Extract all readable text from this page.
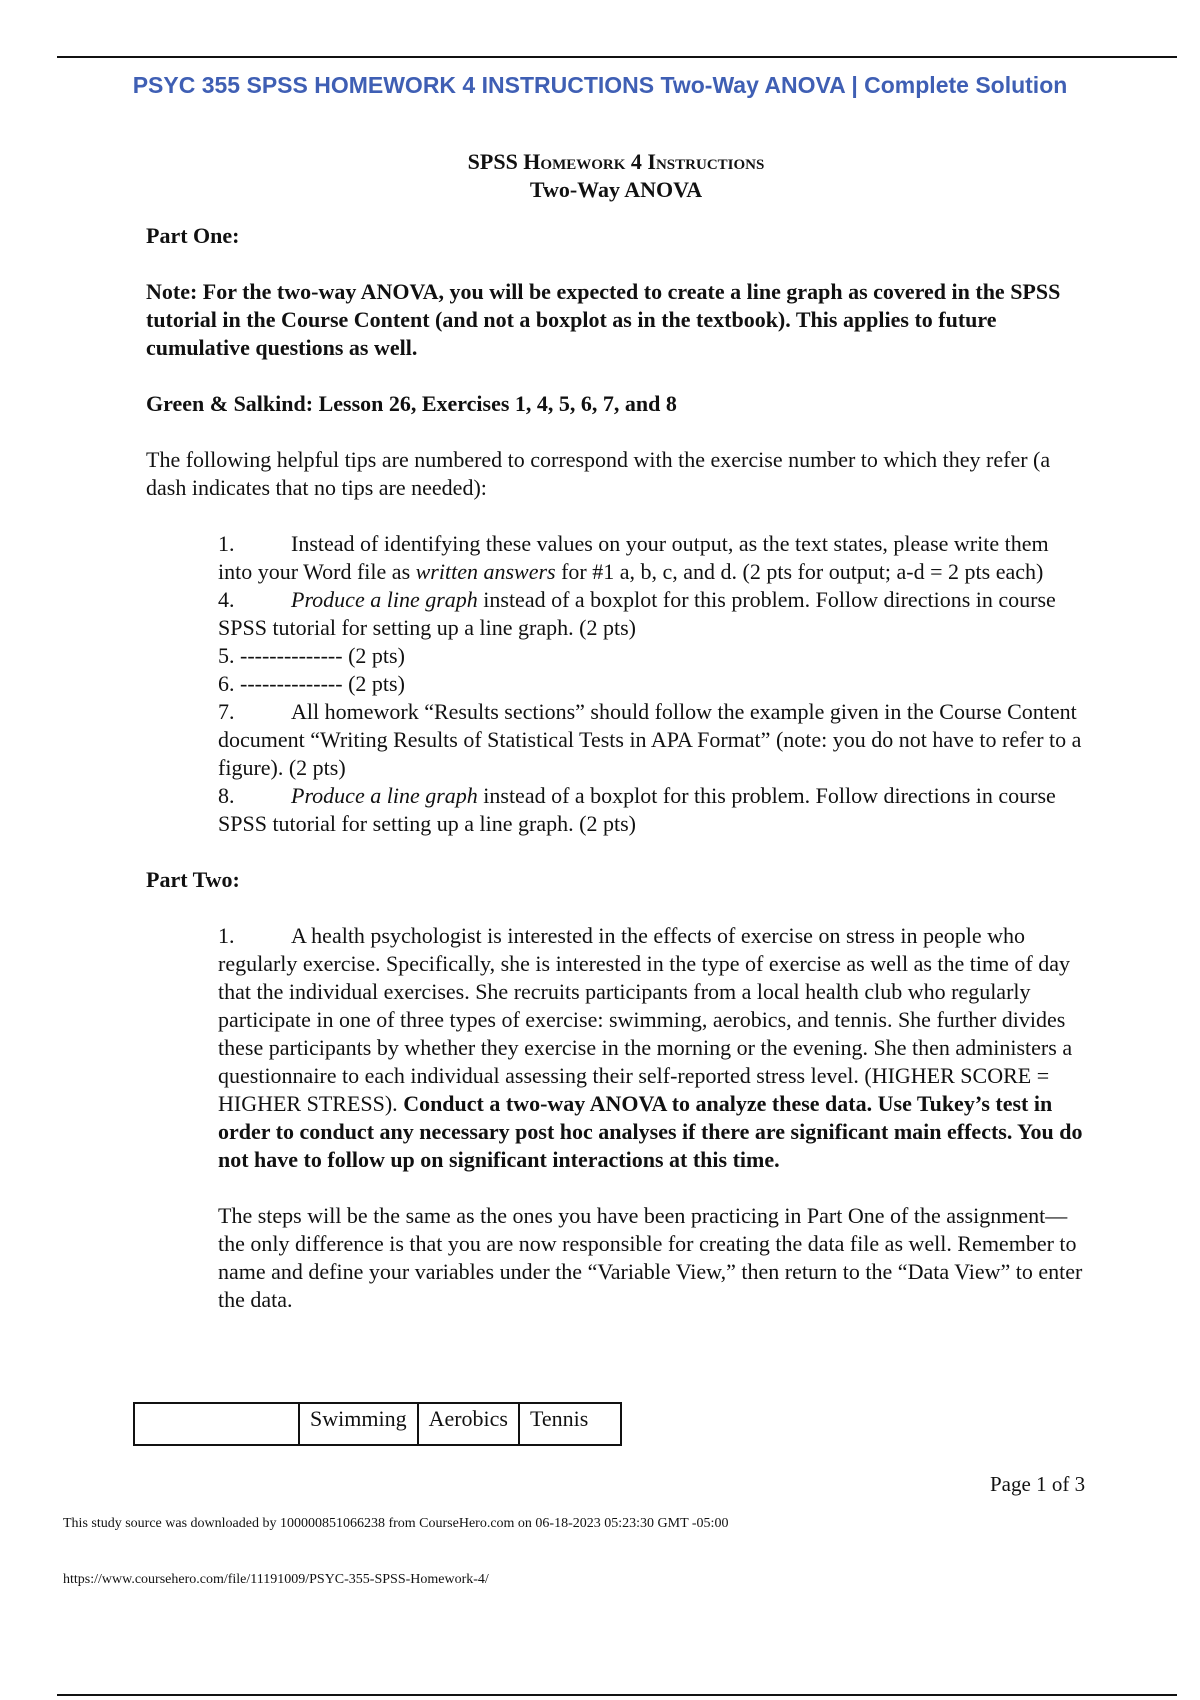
PSYC 355 SPSS HOMEWORK 4 INSTRUCTIONS Two-Way ANOVA | Complete Solution
SPSS Homework 4 Instructions
Two-Way ANOVA
Part One:
Note: For the two-way ANOVA, you will be expected to create a line graph as covered in the SPSS tutorial in the Course Content (and not a boxplot as in the textbook). This applies to future cumulative questions as well.
Green & Salkind: Lesson 26, Exercises 1, 4, 5, 6, 7, and 8
The following helpful tips are numbered to correspond with the exercise number to which they refer (a dash indicates that no tips are needed):
1.	Instead of identifying these values on your output, as the text states, please write them into your Word file as written answers for #1 a, b, c, and d. (2 pts for output; a-d = 2 pts each)
4.	Produce a line graph instead of a boxplot for this problem. Follow directions in course SPSS tutorial for setting up a line graph. (2 pts)
5. -------------- (2 pts)
6. -------------- (2 pts)
7.	All homework “Results sections” should follow the example given in the Course Content document “Writing Results of Statistical Tests in APA Format” (note: you do not have to refer to a figure). (2 pts)
8.	Produce a line graph instead of a boxplot for this problem. Follow directions in course SPSS tutorial for setting up a line graph. (2 pts)
Part Two:
1.	A health psychologist is interested in the effects of exercise on stress in people who regularly exercise. Specifically, she is interested in the type of exercise as well as the time of day that the individual exercises. She recruits participants from a local health club who regularly participate in one of three types of exercise: swimming, aerobics, and tennis. She further divides these participants by whether they exercise in the morning or the evening. She then administers a questionnaire to each individual assessing their self-reported stress level. (HIGHER SCORE = HIGHER STRESS). Conduct a two-way ANOVA to analyze these data. Use Tukey’s test in order to conduct any necessary post hoc analyses if there are significant main effects. You do not have to follow up on significant interactions at this time.
The steps will be the same as the ones you have been practicing in Part One of the assignment—the only difference is that you are now responsible for creating the data file as well. Remember to name and define your variables under the “Variable View,” then return to the “Data View” to enter the data.
	Swimming	Aerobics	Tennis
Page 1 of 3
This study source was downloaded by 100000851066238 from CourseHero.com on 06-18-2023 05:23:30 GMT -05:00
https://www.coursehero.com/file/11191009/PSYC-355-SPSS-Homework-4/
